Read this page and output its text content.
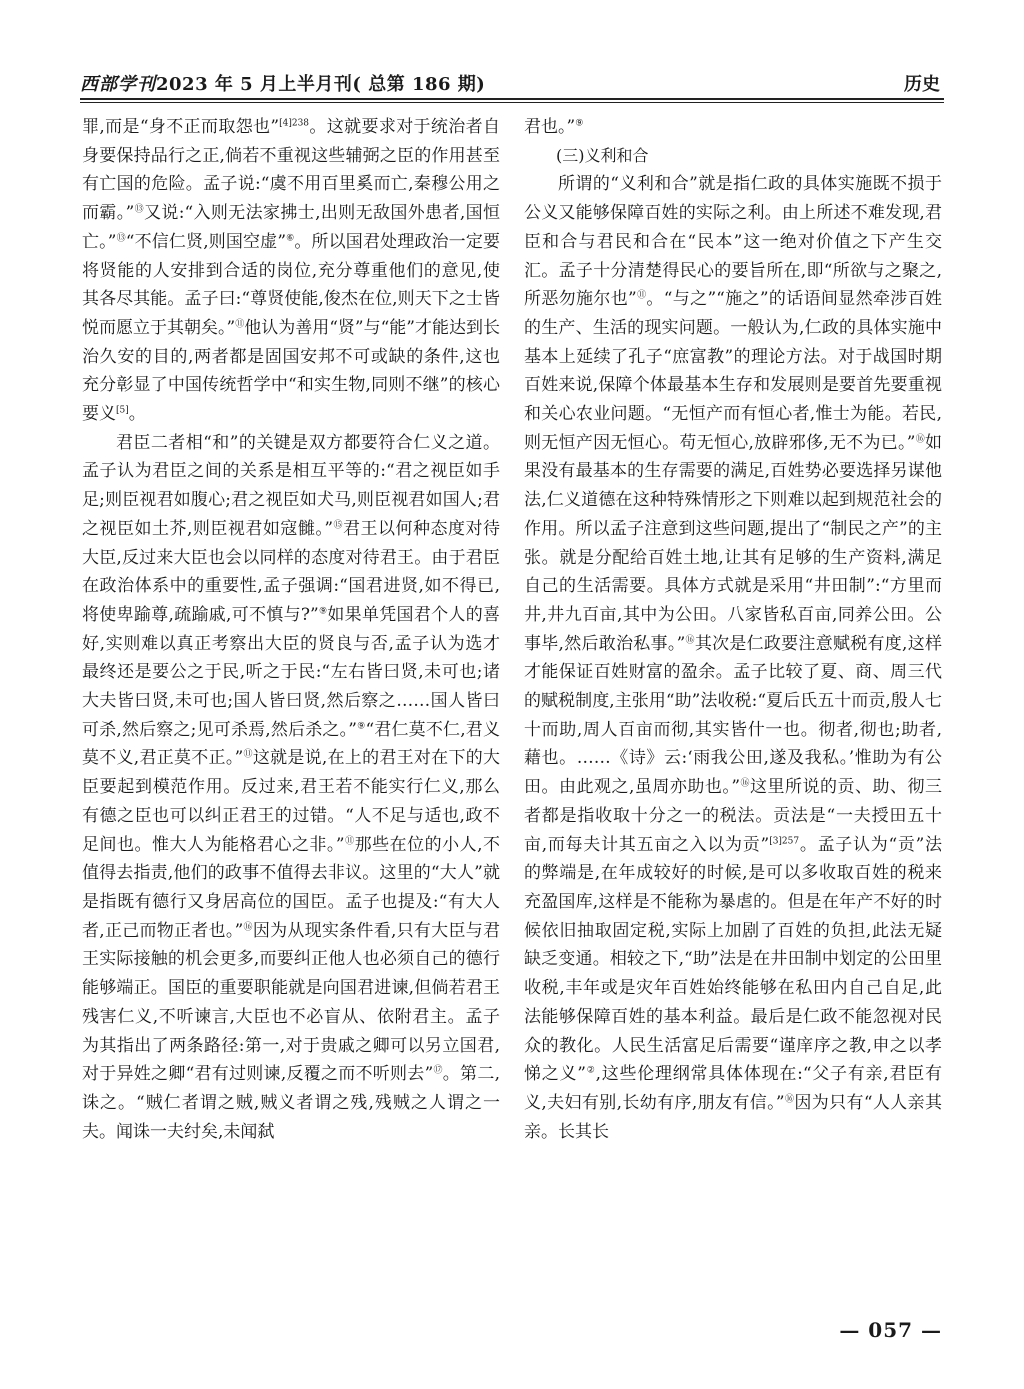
西部学刊2023 年 5 月上半月刊( 总第 186 期)	历史

罪,而是“身不正而取怨也”$^{[4]238}$。这就要求对于统治者自身要保持品行之正,倘若不重视这些辅弼之臣的作用甚至有亡国的危险。孟子说:“虞不用百里奚而亡,秦穆公用之而霸。”⑬又说:“入则无法家拂士,出则无敌国外患者,国恒亡。”⑬“不信仁贤,则国空虚”⑥。所以国君处理政治一定要将贤能的人安排到合适的岗位,充分尊重他们的意见,使其各尽其能。孟子曰:“尊贤使能,俊杰在位,则天下之士皆悦而愿立于其朝矣。”⑪他认为善用“贤”与“能”才能达到长治久安的目的,两者都是固国安邦不可或缺的条件,这也充分彰显了中国传统哲学中“和实生物,同则不继”的核心要义[5]。

君臣二者相“和”的关键是双方都要符合仁义之道。孟子认为君臣之间的关系是相互平等的:“君之视臣如手足;则臣视君如腹心;君之视臣如犬马,则臣视君如国人;君之视臣如土芥,则臣视君如寇雠。”⑮君王以何种态度对待大臣,反过来大臣也会以同样的态度对待君王。由于君臣在政治体系中的重要性,孟子强调:“国君进贤,如不得已,将使卑踰尊,疏踰戚,可不慎与?”⑨如果单凭国君个人的喜好,实则难以真正考察出大臣的贤良与否,孟子认为选才最终还是要公之于民,听之于民:“左右皆曰贤,未可也;诸大夫皆曰贤,未可也;国人皆曰贤,然后察之……国人皆曰可杀,然后察之;见可杀焉,然后杀之。”⑨“君仁莫不仁,君义莫不义,君正莫不正。”⑪这就是说,在上的君王对在下的大臣要起到模范作用。反过来,君王若不能实行仁义,那么有德之臣也可以纠正君王的过错。“人不足与适也,政不足间也。惟大人为能格君心之非。”⑪那些在位的小人,不值得去指责,他们的政事不值得去非议。这里的“大人”就是指既有德行又身居高位的国臣。孟子也提及:“有大人者,正己而物正者也。”⑯因为从现实条件看,只有大臣与君王实际接触的机会更多,而要纠正他人也必须自己的德行能够端正。国臣的重要职能就是向国君进谏,但倘若君王残害仁义,不听谏言,大臣也不必盲从、依附君主。孟子为其指出了两条路径:第一,对于贵戚之卿可以另立国君,对于异姓之卿“君有过则谏,反覆之而不听则去”⑰。第二,诛之。“贼仁者谓之贼,贼义者谓之残,残贼之人谓之一夫。闻诛一夫纣矣,未闻弑

君也。”⑨

(三)义利和合

所谓的“义利和合”就是指仁政的具体实施既不损于公义又能够保障百姓的实际之利。由上所述不难发现,君臣和合与君民和合在“民本”这一绝对价值之下产生交汇。孟子十分清楚得民心的要旨所在,即“所欲与之聚之,所恶勿施尔也”⑪。“与之”“施之”的话语间显然牵涉百姓的生产、生活的现实问题。一般认为,仁政的具体实施中基本上延续了孔子“庶富教”的理论方法。对于战国时期百姓来说,保障个体最基本生存和发展则是要首先要重视和关心农业问题。“无恒产而有恒心者,惟士为能。若民,则无恒产因无恒心。苟无恒心,放辟邪侈,无不为已。”⑯如果没有最基本的生存需要的满足,百姓势必要选择另谋他法,仁义道德在这种特殊情形之下则难以起到规范社会的作用。所以孟子注意到这些问题,提出了“制民之产”的主张。就是分配给百姓土地,让其有足够的生产资料,满足自己的生活需要。具体方式就是采用“井田制”:“方里而井,井九百亩,其中为公田。八家皆私百亩,同养公田。公事毕,然后敢治私事。”⑯其次是仁政要注意赋税有度,这样才能保证百姓财富的盈余。孟子比较了夏、商、周三代的赋税制度,主张用“助”法收税:“夏后氏五十而贡,殷人七十而助,周人百亩而彻,其实皆什一也。彻者,彻也;助者,藉也。……《诗》云:‘雨我公田,遂及我私。’惟助为有公田。由此观之,虽周亦助也。”⑯这里所说的贡、助、彻三者都是指收取十分之一的税法。贡法是“一夫授田五十亩,而每夫计其五亩之入以为贡”$^{[3]257}$。孟子认为“贡”法的弊端是,在年成较好的时候,是可以多收取百姓的税来充盈国库,这样是不能称为暴虐的。但是在年产不好的时候依旧抽取固定税,实际上加剧了百姓的负担,此法无疑缺乏变通。相较之下,“助”法是在井田制中划定的公田里收税,丰年或是灾年百姓始终能够在私田内自己自足,此法能够保障百姓的基本利益。最后是仁政不能忽视对民众的教化。人民生活富足后需要“谨庠序之教,申之以孝悌之义”②,这些伦理纲常具体体现在:“父子有亲,君臣有义,夫妇有别,长幼有序,朋友有信。”⑯因为只有“人人亲其亲。长其长

— 057 —
